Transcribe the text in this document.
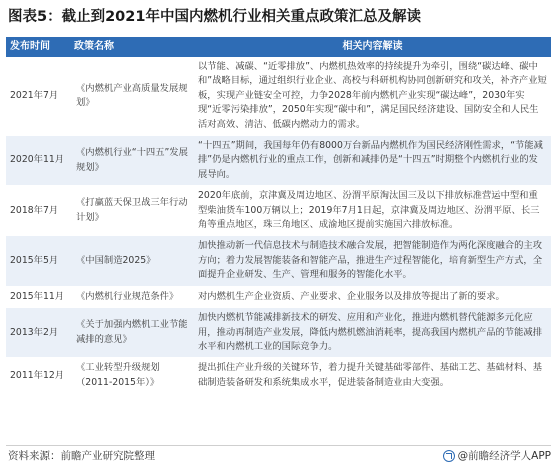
图表5：截止到2021年中国内燃机行业相关重点政策汇总及解读
发布时间	政策名称	相关内容解读
2021年7月	《内燃机产业高质量发展规划》	以节能、减碳、“近零排放”、内燃机热效率的持续提升为牵引，围绕“碳达峰、碳中和”战略目标，通过组织行业企业、高校与科研机构协同创新研究和攻关，补齐产业短板，实现产业链安全可控，力争2028年前内燃机产业实现“碳达峰”，2030年实现“近零污染排放”，2050年实现“碳中和”，满足国民经济建设、国防安全和人民生活对高效、清洁、低碳内燃动力的需求。
2020年11月	《内燃机行业“十四五”发展规划》	“十四五”期间，我国每年仍有8000万台新品内燃机作为国民经济刚性需求，“节能减排”仍是内燃机行业的重点工作，创新和减排仍是“十四五”时期整个内燃机行业的发展导向。
2018年7月	《打赢蓝天保卫战三年行动计划》	2020年底前，京津冀及周边地区、汾渭平原淘汰国三及以下排放标准营运中型和重型柴油货车100万辆以上；2019年7月1日起，京津冀及周边地区、汾渭平原、长三角等重点地区，珠三角地区、成渝地区提前实施国六排放标准。
2015年5月	《中国制造2025》	加快推动新一代信息技术与制造技术融合发展，把智能制造作为两化深度融合的主攻方向；着力发展智能装备和智能产品，推进生产过程智能化，培育新型生产方式，全面提升企业研发、生产、管理和服务的智能化水平。
2015年11月	《内燃机行业规范条件》	对内燃机生产企业资质、产业要求、企业服务以及排放等提出了新的要求。
2013年2月	《关于加强内燃机工业节能减排的意见》	加快内燃机节能减排新技术的研发、应用和产业化，推进内燃机替代能源多元化应用，推动再制造产业发展，降低内燃机燃油消耗率，提高我国内燃机产品的节能减排水平和内燃机工业的国际竞争力。
2011年12月	《工业转型升级规划（2011-2015年）》	提出抓住产业升级的关键环节，着力提升关键基础零部件、基础工艺、基础材料、基础制造装备研发和系统集成水平，促进装备制造业由大变强。
资料来源：前瞻产业研究院整理	@前瞻经济学人APP
